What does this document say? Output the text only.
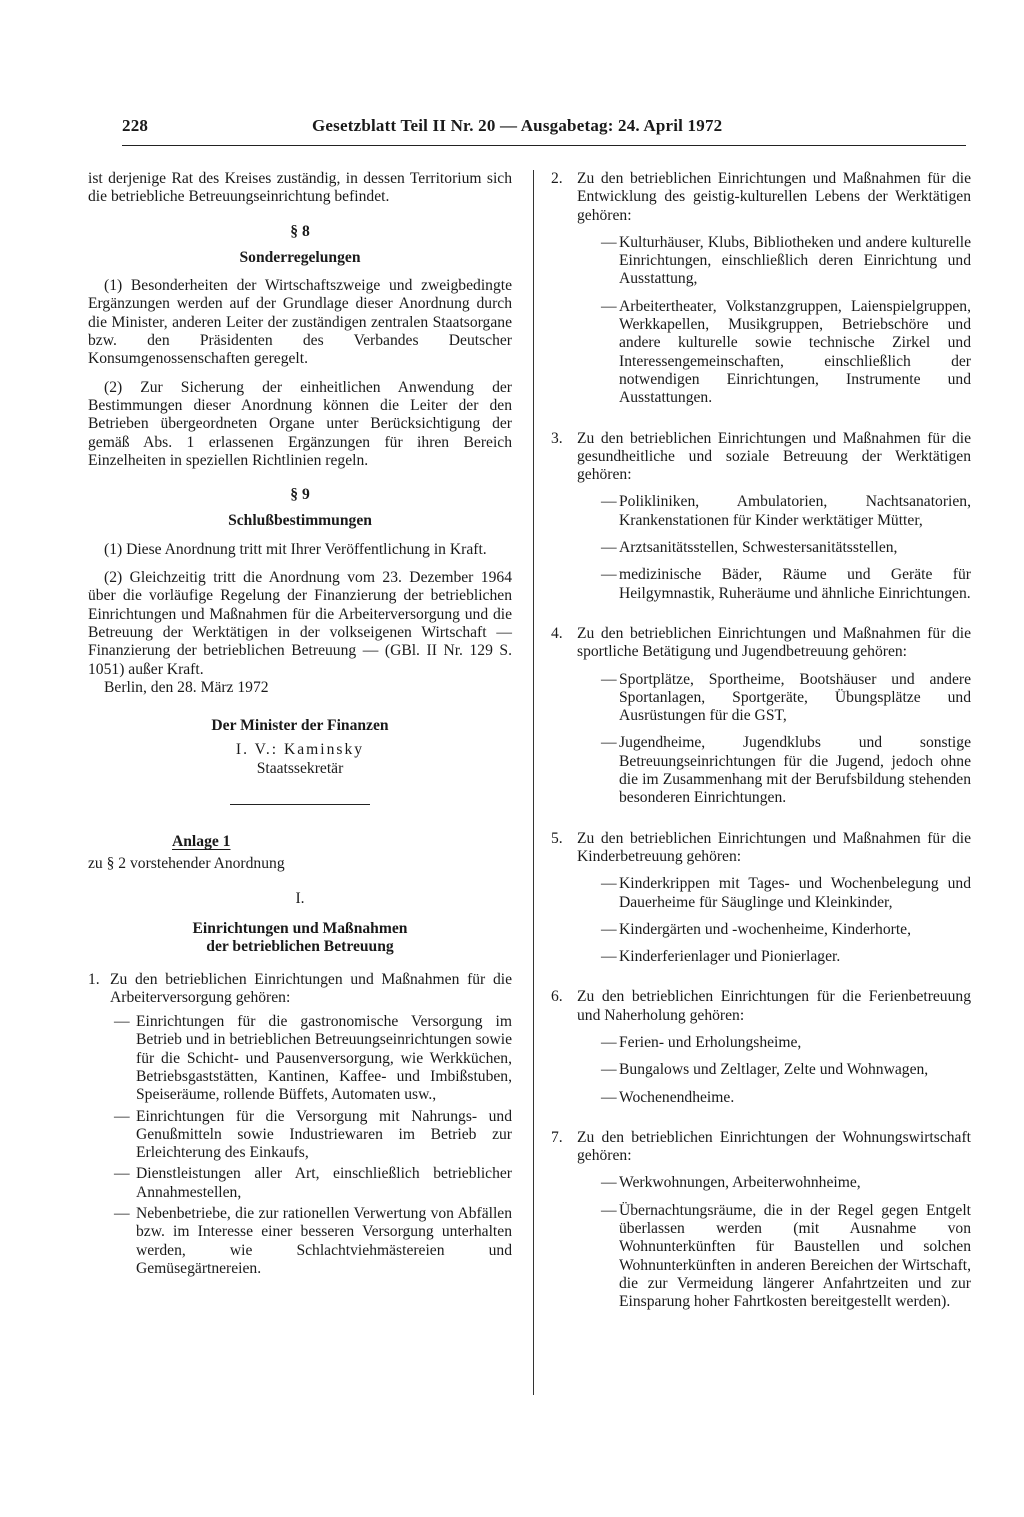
228	Gesetzblatt Teil II Nr. 20 — Ausgabetag: 24. April 1972

ist derjenige Rat des Kreises zuständig, in dessen Territorium sich die betriebliche Betreuungseinrichtung befindet.

§ 8

Sonderregelungen

(1) Besonderheiten der Wirtschaftszweige und zweigbedingte Ergänzungen werden auf der Grundlage dieser Anordnung durch die Minister, anderen Leiter der zuständigen zentralen Staatsorgane bzw. den Präsidenten des Verbandes Deutscher Konsumgenossenschaften geregelt.

(2) Zur Sicherung der einheitlichen Anwendung der Bestimmungen dieser Anordnung können die Leiter der den Betrieben übergeordneten Organe unter Berücksichtigung der gemäß Abs. 1 erlassenen Ergänzungen für ihren Bereich Einzelheiten in speziellen Richtlinien regeln.

§ 9

Schlußbestimmungen

(1) Diese Anordnung tritt mit Ihrer Veröffentlichung in Kraft.

(2) Gleichzeitig tritt die Anordnung vom 23. Dezember 1964 über die vorläufige Regelung der Finanzierung der betrieblichen Einrichtungen und Maßnahmen für die Arbeiterversorgung und die Betreuung der Werktätigen in der volkseigenen Wirtschaft — Finanzierung der betrieblichen Betreuung — (GBl. II Nr. 129 S. 1051) außer Kraft.

Berlin, den 28. März 1972

Der Minister der Finanzen

I. V.: Kaminsky

Staatssekretär

Anlage 1

zu § 2 vorstehender Anordnung

I.

Einrichtungen und Maßnahmen

der betrieblichen Betreuung

1. Zu den betrieblichen Einrichtungen und Maßnahmen für die Arbeiterversorgung gehören:

— Einrichtungen für die gastronomische Versorgung im Betrieb und in betrieblichen Betreuungseinrichtungen sowie für die Schicht- und Pausenversorgung, wie Werkküchen, Betriebsgaststätten, Kantinen, Kaffee- und Imbißstuben, Speiseräume, rollende Büffets, Automaten usw.,
— Einrichtungen für die Versorgung mit Nahrungs- und Genußmitteln sowie Industriewaren im Betrieb zur Erleichterung des Einkaufs,
— Dienstleistungen aller Art, einschließlich betrieblicher Annahmestellen,
— Nebenbetriebe, die zur rationellen Verwertung von Abfällen bzw. im Interesse einer besseren Versorgung unterhalten werden, wie Schlachtviehmästereien und Gemüsegärtnereien.
2. Zu den betrieblichen Einrichtungen und Maßnahmen für die Entwicklung des geistig-kulturellen Lebens der Werktätigen gehören:

— Kulturhäuser, Klubs, Bibliotheken und andere kulturelle Einrichtungen, einschließlich deren Einrichtung und Ausstattung,
— Arbeitertheater, Volkstanzgruppen, Laienspielgruppen, Werkkapellen, Musikgruppen, Betriebschöre und andere kulturelle sowie technische Zirkel und Interessengemeinschaften, einschließlich der notwendigen Einrichtungen, Instrumente und Ausstattungen.
3. Zu den betrieblichen Einrichtungen und Maßnahmen für die gesundheitliche und soziale Betreuung der Werktätigen gehören:

— Polikliniken, Ambulatorien, Nachtsanatorien, Krankenstationen für Kinder werktätiger Mütter,
— Arztsanitätsstellen, Schwestersanitätsstellen,
— medizinische Bäder, Räume und Geräte für Heilgymnastik, Ruheräume und ähnliche Einrichtungen.
4. Zu den betrieblichen Einrichtungen und Maßnahmen für die sportliche Betätigung und Jugendbetreuung gehören:

— Sportplätze, Sportheime, Bootshäuser und andere Sportanlagen, Sportgeräte, Übungsplätze und Ausrüstungen für die GST,
— Jugendheime, Jugendklubs und sonstige Betreuungseinrichtungen für die Jugend, jedoch ohne die im Zusammenhang mit der Berufsbildung stehenden besonderen Einrichtungen.
5. Zu den betrieblichen Einrichtungen und Maßnahmen für die Kinderbetreuung gehören:

— Kinderkrippen mit Tages- und Wochenbelegung und Dauerheime für Säuglinge und Kleinkinder,
— Kindergärten und -wochenheime, Kinderhorte,
— Kinderferienlager und Pionierlager.
6. Zu den betrieblichen Einrichtungen für die Ferienbetreuung und Naherholung gehören:

— Ferien- und Erholungsheime,
— Bungalows und Zeltlager, Zelte und Wohnwagen,
— Wochenendheime.
7. Zu den betrieblichen Einrichtungen der Wohnungswirtschaft gehören:

— Werkwohnungen, Arbeiterwohnheime,
— Übernachtungsräume, die in der Regel gegen Entgelt überlassen werden (mit Ausnahme von Wohnunterkünften für Baustellen und solchen Wohnunterkünften in anderen Bereichen der Wirtschaft, die zur Vermeidung längerer Anfahrtzeiten und zur Einsparung hoher Fahrtkosten bereitgestellt werden).
